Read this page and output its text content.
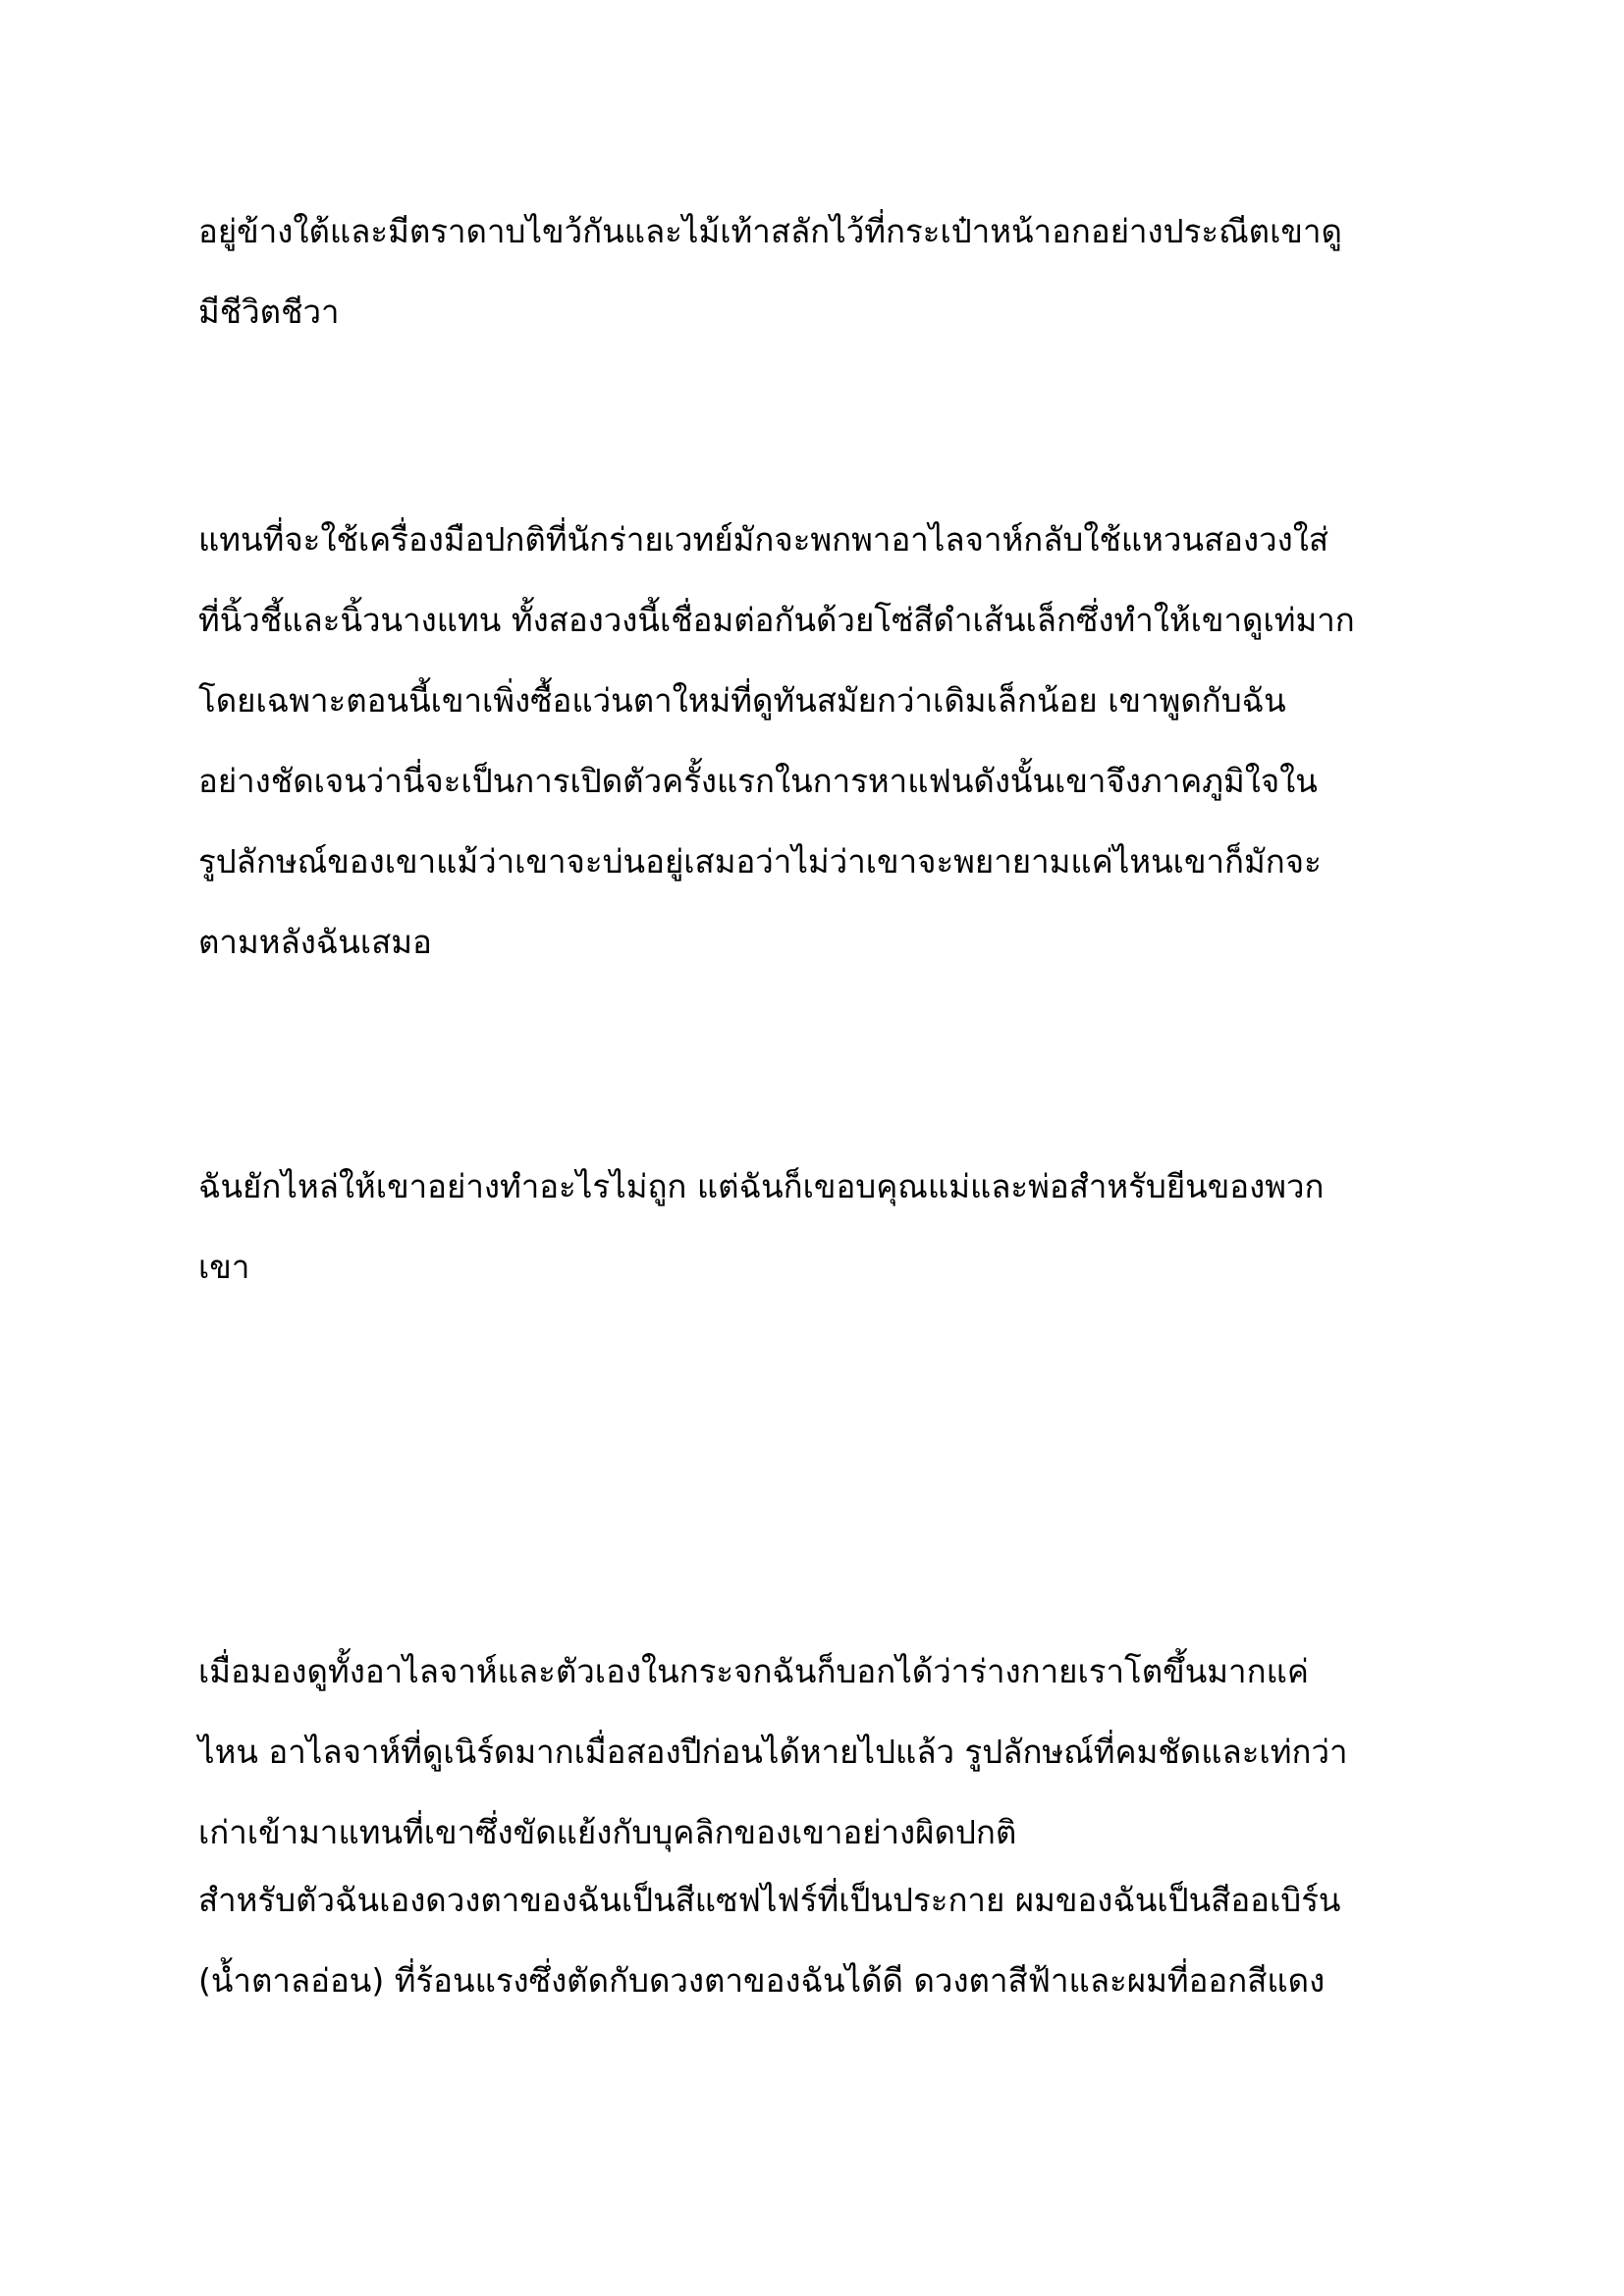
อยู่ข้างใต้และมีตราดาบไขว้กันและไม้เท้าสลักไว้ที่กระเป๋าหน้าอกอย่างประณีตเขาดู
มีชีวิตชีวา

แทนที่จะใช้เครื่องมือปกติที่นักร่ายเวทย์มักจะพกพาอาไลจาห์กลับใช้แหวนสองวงใส่
ที่นิ้วชี้และนิ้วนางแทน ทั้งสองวงนี้เชื่อมต่อกันด้วยโซ่สีดำเส้นเล็กซึ่งทำให้เขาดูเท่มาก
โดยเฉพาะตอนนี้เขาเพิ่งซื้อแว่นตาใหม่ที่ดูทันสมัยกว่าเดิมเล็กน้อย เขาพูดกับฉัน
อย่างชัดเจนว่านี่จะเป็นการเปิดตัวครั้งแรกในการหาแฟนดังนั้นเขาจึงภาคภูมิใจใน
รูปลักษณ์ของเขาแม้ว่าเขาจะบ่นอยู่เสมอว่าไม่ว่าเขาจะพยายามแค่ไหนเขาก็มักจะ
ตามหลังฉันเสมอ

ฉันยักไหล่ให้เขาอย่างทำอะไรไม่ถูก แต่ฉันก็เขอบคุณแม่และพ่อสำหรับยีนของพวก
เขา

เมื่อมองดูทั้งอาไลจาห์และตัวเองในกระจกฉันก็บอกได้ว่าร่างกายเราโตขึ้นมากแค่
ไหน อาไลจาห์ที่ดูเนิร์ดมากเมื่อสองปีก่อนได้หายไปแล้ว รูปลักษณ์ที่คมชัดและเท่กว่า
เก่าเข้ามาแทนที่เขาซึ่งขัดแย้งกับบุคลิกของเขาอย่างผิดปกติ

สำหรับตัวฉันเองดวงตาของฉันเป็นสีแซฟไฟร์ที่เป็นประกาย ผมของฉันเป็นสีออเบิร์น
(น้ำตาลอ่อน) ที่ร้อนแรงซึ่งตัดกับดวงตาของฉันได้ดี ดวงตาสีฟ้าและผมที่ออกสีแดง
